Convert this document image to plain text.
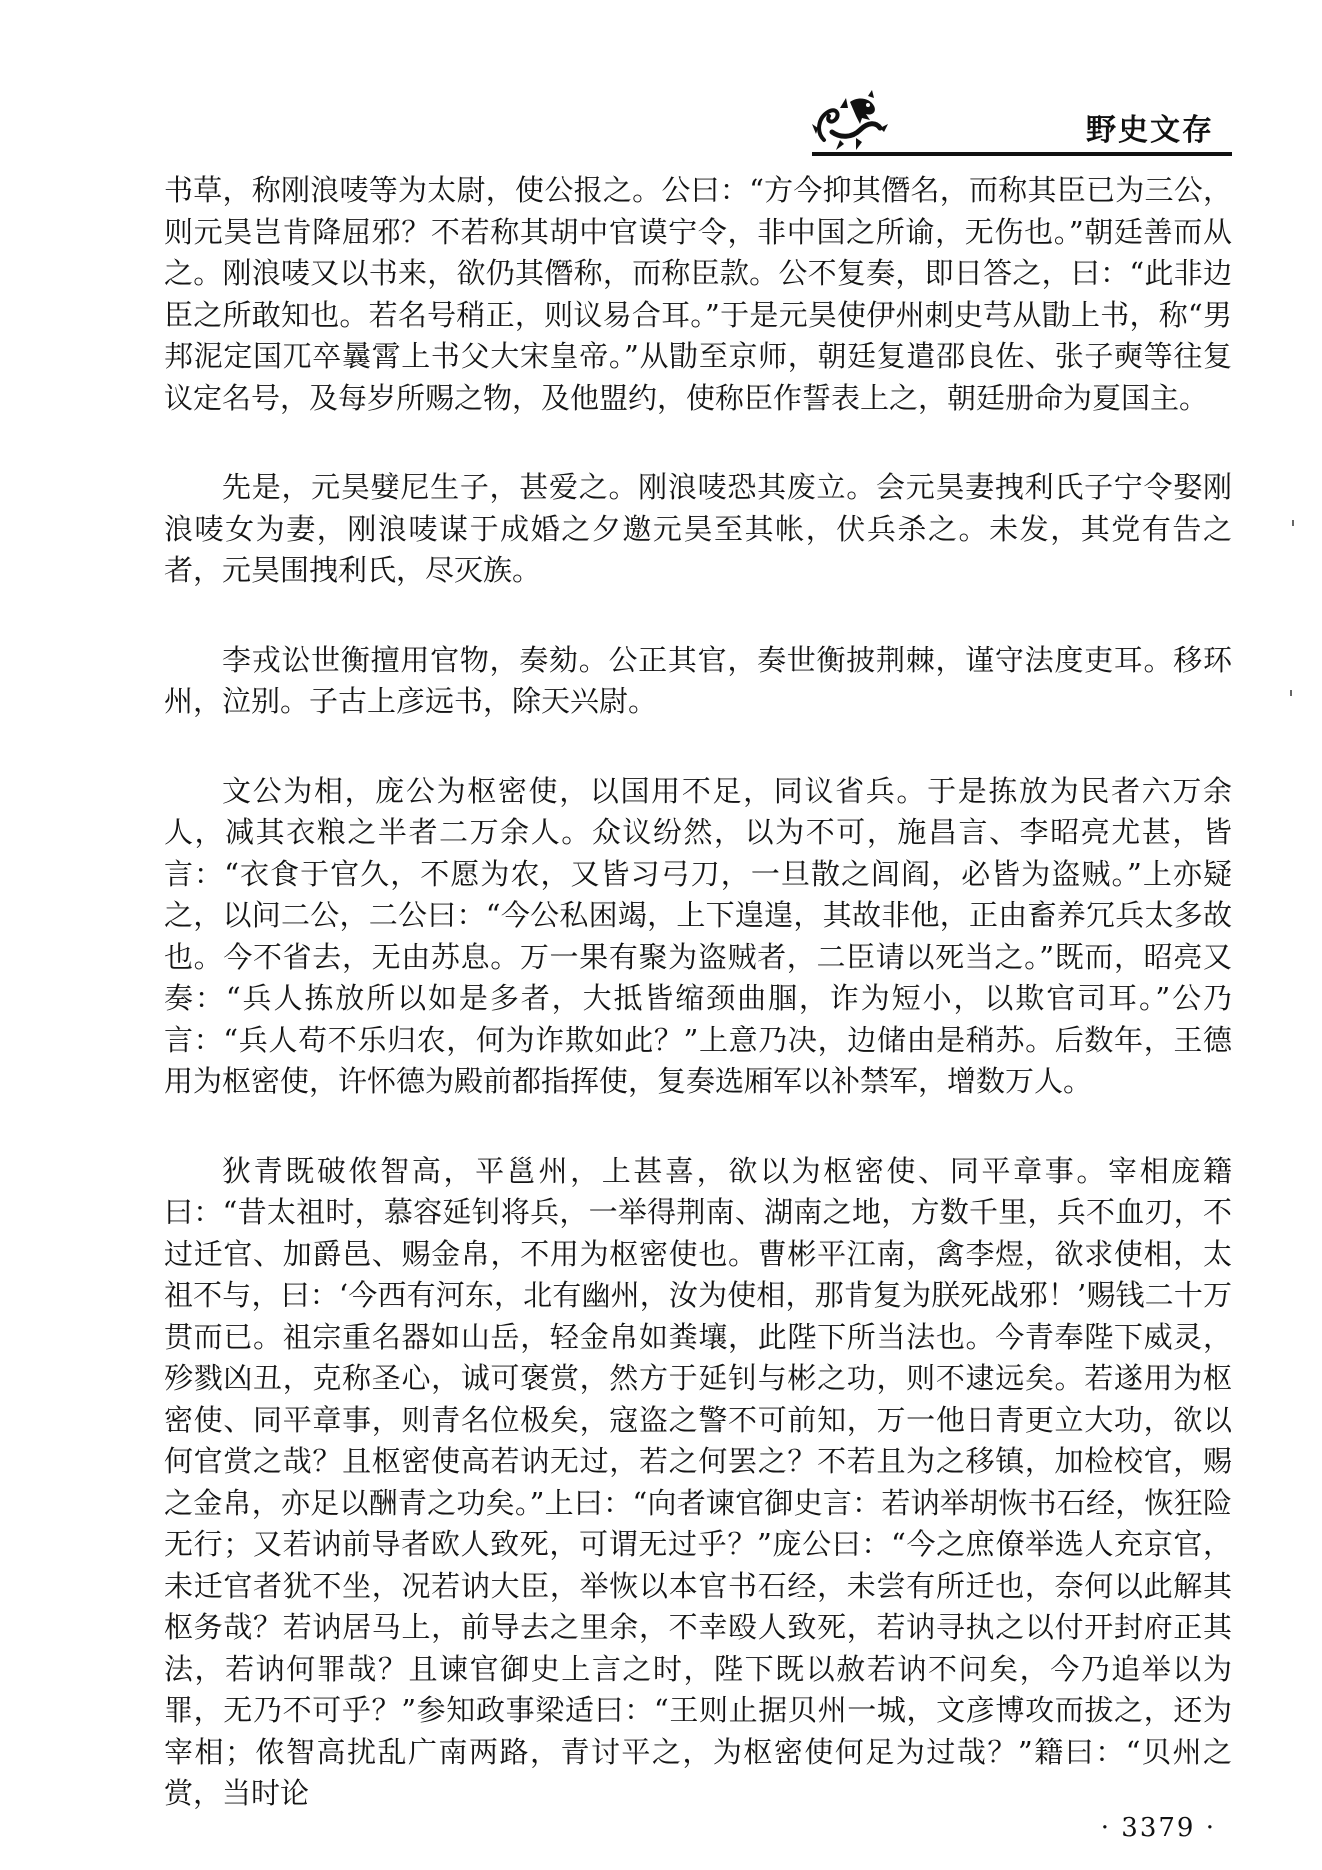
野史文存

书草，称刚浪唛等为太尉，使公报之。公曰：“方今抑其僭名，而称其臣已为三公，则元昊岂肯降屈邪？不若称其胡中官谟宁令，非中国之所谕，无伤也。”朝廷善而从之。刚浪唛又以书来，欲仍其僭称，而称臣款。公不复奏，即日答之，曰：“此非边臣之所敢知也。若名号稍正，则议易合耳。”于是元昊使伊州刺史芎从勖上书，称“男邦泥定国兀卒曩霄上书父大宋皇帝。”从勖至京师，朝廷复遣邵良佐、张子奭等往复议定名号，及每岁所赐之物，及他盟约，使称臣作誓表上之，朝廷册命为夏国主。

先是，元昊嬖尼生子，甚爱之。刚浪唛恐其废立。会元昊妻拽利氏子宁令娶刚浪唛女为妻，刚浪唛谋于成婚之夕邀元昊至其帐，伏兵杀之。未发，其党有告之者，元昊围拽利氏，尽灭族。

李戎讼世衡擅用官物，奏劾。公正其官，奏世衡披荆棘，谨守法度吏耳。移环州，泣别。子古上彦远书，除天兴尉。

文公为相，庞公为枢密使，以国用不足，同议省兵。于是拣放为民者六万余人，减其衣粮之半者二万余人。众议纷然，以为不可，施昌言、李昭亮尤甚，皆言：“衣食于官久，不愿为农，又皆习弓刀，一旦散之闾阎，必皆为盗贼。”上亦疑之，以问二公，二公曰：“今公私困竭，上下遑遑，其故非他，正由畜养冗兵太多故也。今不省去，无由苏息。万一果有聚为盗贼者，二臣请以死当之。”既而，昭亮又奏：“兵人拣放所以如是多者，大抵皆缩颈曲腘，诈为短小，以欺官司耳。”公乃言：“兵人苟不乐归农，何为诈欺如此？”上意乃决，边储由是稍苏。后数年，王德用为枢密使，许怀德为殿前都指挥使，复奏选厢军以补禁军，增数万人。

狄青既破侬智高，平邕州，上甚喜，欲以为枢密使、同平章事。宰相庞籍曰：“昔太祖时，慕容延钊将兵，一举得荆南、湖南之地，方数千里，兵不血刃，不过迁官、加爵邑、赐金帛，不用为枢密使也。曹彬平江南，禽李煜，欲求使相，太祖不与，曰：‘今西有河东，北有幽州，汝为使相，那肯复为朕死战邪！’赐钱二十万贯而已。祖宗重名器如山岳，轻金帛如粪壤，此陛下所当法也。今青奉陛下威灵，殄戮凶丑，克称圣心，诚可褒赏，然方于延钊与彬之功，则不逮远矣。若遂用为枢密使、同平章事，则青名位极矣，寇盗之警不可前知，万一他日青更立大功，欲以何官赏之哉？且枢密使高若讷无过，若之何罢之？不若且为之移镇，加检校官，赐之金帛，亦足以酬青之功矣。”上曰：“向者谏官御史言：若讷举胡恢书石经，恢狂险无行；又若讷前导者欧人致死，可谓无过乎？”庞公曰：“今之庶僚举选人充京官，未迁官者犹不坐，况若讷大臣，举恢以本官书石经，未尝有所迁也，奈何以此解其枢务哉？若讷居马上，前导去之里余，不幸殴人致死，若讷寻执之以付开封府正其法，若讷何罪哉？且谏官御史上言之时，陛下既以赦若讷不问矣，今乃追举以为罪，无乃不可乎？”参知政事梁适曰：“王则止据贝州一城，文彦博攻而拔之，还为宰相；侬智高扰乱广南两路，青讨平之，为枢密使何足为过哉？”籍曰：“贝州之赏，当时论

· 3379 ·
